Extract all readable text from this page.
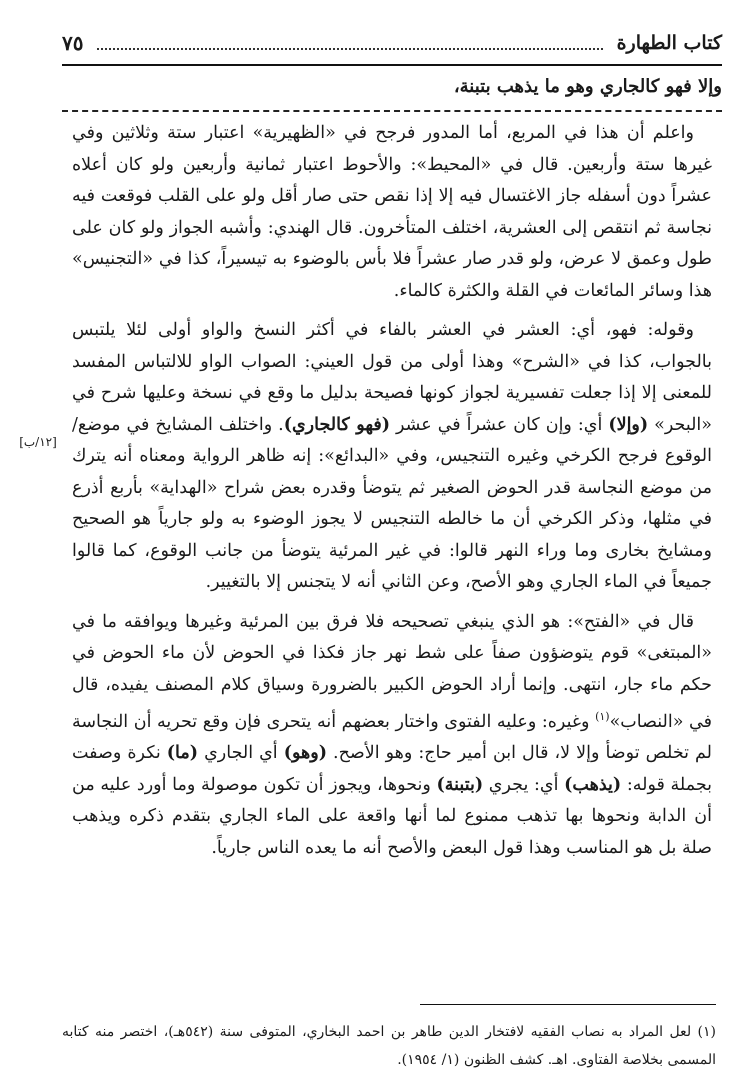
كتاب الطهارة
٧٥
وإلا فهو كالجاري وهو ما يذهب بتبنة،

واعلم أن هذا في المربع، أما المدور فرجح في «الظهيرية» اعتبار ستة وثلاثين وفي غيرها ستة وأربعين. قال في «المحيط»: والأحوط اعتبار ثمانية وأربعين ولو كان أعلاه عشراً دون أسفله جاز الاغتسال فيه إلا إذا نقص حتى صار أقل ولو على القلب فوقعت فيه نجاسة ثم انتقص إلى العشرية، اختلف المتأخرون. قال الهندي: وأشبه الجواز ولو كان على طول وعمق لا عرض، ولو قدر صار عشراً فلا بأس بالوضوء به تيسيراً، كذا في «التجنيس» هذا وسائر المائعات في القلة والكثرة كالماء.

وقوله: فهو، أي: العشر في العشر بالفاء في أكثر النسخ والواو أولى لئلا يلتبس بالجواب، كذا في «الشرح» وهذا أولى من قول العيني: الصواب الواو للالتباس المفسد للمعنى إلا إذا جعلت تفسيرية لجواز كونها فصيحة بدليل ما وقع في نسخة وعليها شرح في «البحر» (وإلا) أي: وإن كان عشراً في عشر (فهو كالجاري). واختلف المشايخ في موضع/ الوقوع فرجح الكرخي وغيره التنجيس، وفي «البدائع»: إنه ظاهر الرواية ومعناه أنه يترك من موضع النجاسة قدر الحوض الصغير ثم يتوضأ وقدره بعض شراح «الهداية» بأربع أذرع في مثلها، وذكر الكرخي أن ما خالطه التنجيس لا يجوز الوضوء به ولو جارياً هو الصحيح ومشايخ بخارى وما وراء النهر قالوا: في غير المرئية يتوضأ من جانب الوقوع، كما قالوا جميعاً في الماء الجاري وهو الأصح، وعن الثاني أنه لا يتجنس إلا بالتغيير.

قال في «الفتح»: هو الذي ينبغي تصحيحه فلا فرق بين المرئية وغيرها ويوافقه ما في «المبتغى» قوم يتوضؤون صفاً على شط نهر جاز فكذا في الحوض لأن ماء الحوض في حكم ماء جار، انتهى. وإنما أراد الحوض الكبير بالضرورة وسياق كلام المصنف يفيده، قال في «النصاب»$^{(١)}$ وغيره: وعليه الفتوى واختار بعضهم أنه يتحرى فإن وقع تحريه أن النجاسة لم تخلص توضأ وإلا لا، قال ابن أمير حاج: وهو الأصح. (وهو) أي الجاري (ما) نكرة وصفت بجملة قوله: (يذهب) أي: يجري (بتبنة) ونحوها، ويجوز أن تكون موصولة وما أورد عليه من أن الدابة ونحوها بها تذهب ممنوع لما أنها واقعة على الماء الجاري بتقدم ذكره ويذهب صلة بل هو المناسب وهذا قول البعض والأصح أنه ما يعده الناس جارياً.

[١٢/ب]
(١) لعل المراد به نصاب الفقيه لافتخار الدين طاهر بن احمد البخاري، المتوفى سنة (٥٤٢هـ)، اختصر منه كتابه المسمى بخلاصة الفتاوى. اهـ. كشف الظنون (١/ ١٩٥٤).
